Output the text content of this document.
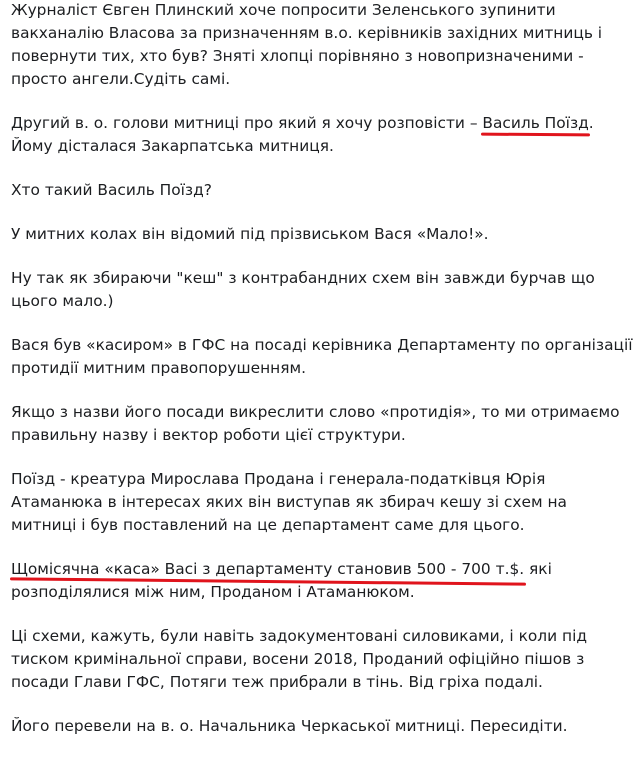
Журналіст Євген Плинский хоче попросити Зеленського зупинити вакханалію Власова за призначенням в.о. керівників західних митниць і повернути тих, хто був? Зняті хлопці порівняно з новопризначеними - просто ангели.Судіть самі.

Другий в. о. голови митниці про який я хочу розповісти – Василь Поїзд
. Йому дісталася Закарпатська митниця.

Хто такий Василь Поїзд?

У митних колах він відомий під прізвиськом Вася «Мало!».

Ну так як збираючи "кеш" з контрабандних схем він завжди бурчав що цього мало.)

Вася був «касиром» в ГФС на посаді керівника Департаменту по організації протидії митним правопорушенням.

Якщо з назви його посади викреслити слово «протидія», то ми отримаємо правильну назву і вектор роботи цієї структури.

Поїзд - креатура Мирослава Продана і генерала-податківця Юрія Атаманюка в інтересах яких він виступав як збирач кешу зі схем на митниці і був поставлений на це департамент саме для цього.

Щомісячна «каса» Васі з департаменту становив 500 - 700 т.$.
які розподілялися між ним, Проданом і Атаманюком.

Ці схеми, кажуть, були навіть задокументовані силовиками, і коли під тиском кримінальної справи, восени 2018, Проданий офіційно пішов з посади Глави ГФС, Потяги теж прибрали в тінь. Від гріха подалі.

Його перевели на в. о. Начальника Черкаської митниці. Пересидіти.
